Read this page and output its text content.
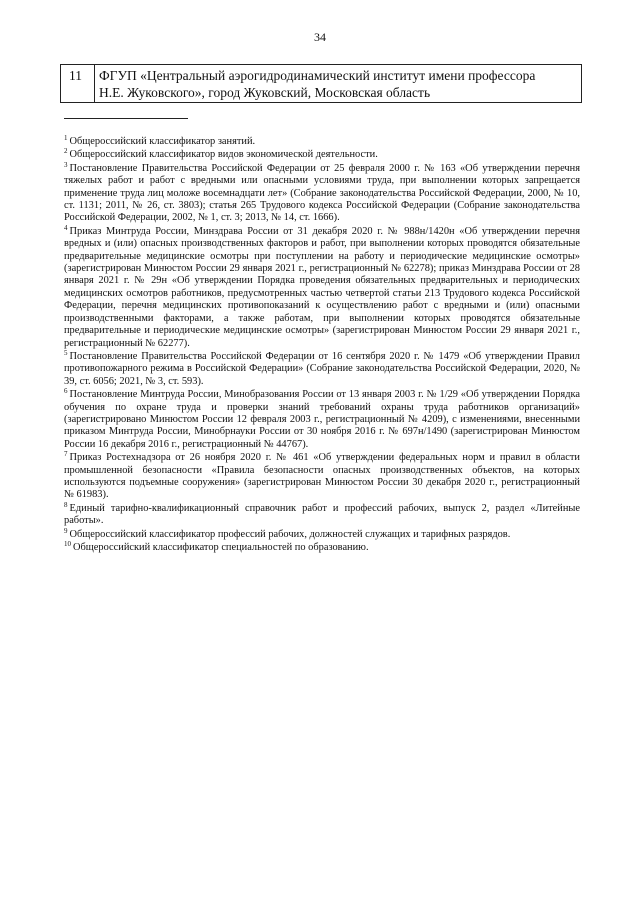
34
11	ФГУП «Центральный аэрогидродинамический институт имени профессора
Н.Е. Жуковского», город Жуковский, Московская область

$^1$ Общероссийский классификатор занятий.

$^2$ Общероссийский классификатор видов экономической деятельности.

$^3$ Постановление Правительства Российской Федерации от 25 февраля 2000 г. № 163 «Об утверждении перечня тяжелых работ и работ с вредными или опасными условиями труда, при выполнении которых запрещается применение труда лиц моложе восемнадцати лет» (Собрание законодательства Российской Федерации, 2000, № 10, ст. 1131; 2011, № 26, ст. 3803); статья 265 Трудового кодекса Российской Федерации (Собрание законодательства Российской Федерации, 2002, № 1, ст. 3; 2013, № 14, ст. 1666).

$^4$ Приказ Минтруда России, Минздрава России от 31 декабря 2020 г. № 988н/1420н «Об утверждении перечня вредных и (или) опасных производственных факторов и работ, при выполнении которых проводятся обязательные предварительные медицинские осмотры при поступлении на работу и периодические медицинские осмотры» (зарегистрирован Минюстом России 29 января 2021 г., регистрационный № 62278); приказ Минздрава России от 28 января 2021 г. № 29н «Об утверждении Порядка проведения обязательных предварительных и периодических медицинских осмотров работников, предусмотренных частью четвертой статьи 213 Трудового кодекса Российской Федерации, перечня медицинских противопоказаний к осуществлению работ с вредными и (или) опасными производственными факторами, а также работам, при выполнении которых проводятся обязательные предварительные и периодические медицинские осмотры» (зарегистрирован Минюстом России 29 января 2021 г., регистрационный № 62277).

$^5$ Постановление Правительства Российской Федерации от 16 сентября 2020 г. № 1479 «Об утверждении Правил противопожарного режима в Российской Федерации» (Собрание законодательства Российской Федерации, 2020, № 39, ст. 6056; 2021, № 3, ст. 593).

$^6$ Постановление Минтруда России, Минобразования России от 13 января 2003 г. № 1/29 «Об утверждении Порядка обучения по охране труда и проверки знаний требований охраны труда работников организаций» (зарегистрировано Минюстом России 12 февраля 2003 г., регистрационный № 4209), с изменениями, внесенными приказом Минтруда России, Минобрнауки России от 30 ноября 2016 г. № 697н/1490 (зарегистрирован Минюстом России 16 декабря 2016 г., регистрационный № 44767).

$^7$ Приказ Ростехнадзора от 26 ноября 2020 г. № 461 «Об утверждении федеральных норм и правил в области промышленной безопасности «Правила безопасности опасных производственных объектов, на которых используются подъемные сооружения» (зарегистрирован Минюстом России 30 декабря 2020 г., регистрационный № 61983).

$^8$ Единый тарифно-квалификационный справочник работ и профессий рабочих, выпуск 2, раздел «Литейные работы».

$^9$ Общероссийский классификатор профессий рабочих, должностей служащих и тарифных разрядов.

$^{10}$ Общероссийский классификатор специальностей по образованию.
